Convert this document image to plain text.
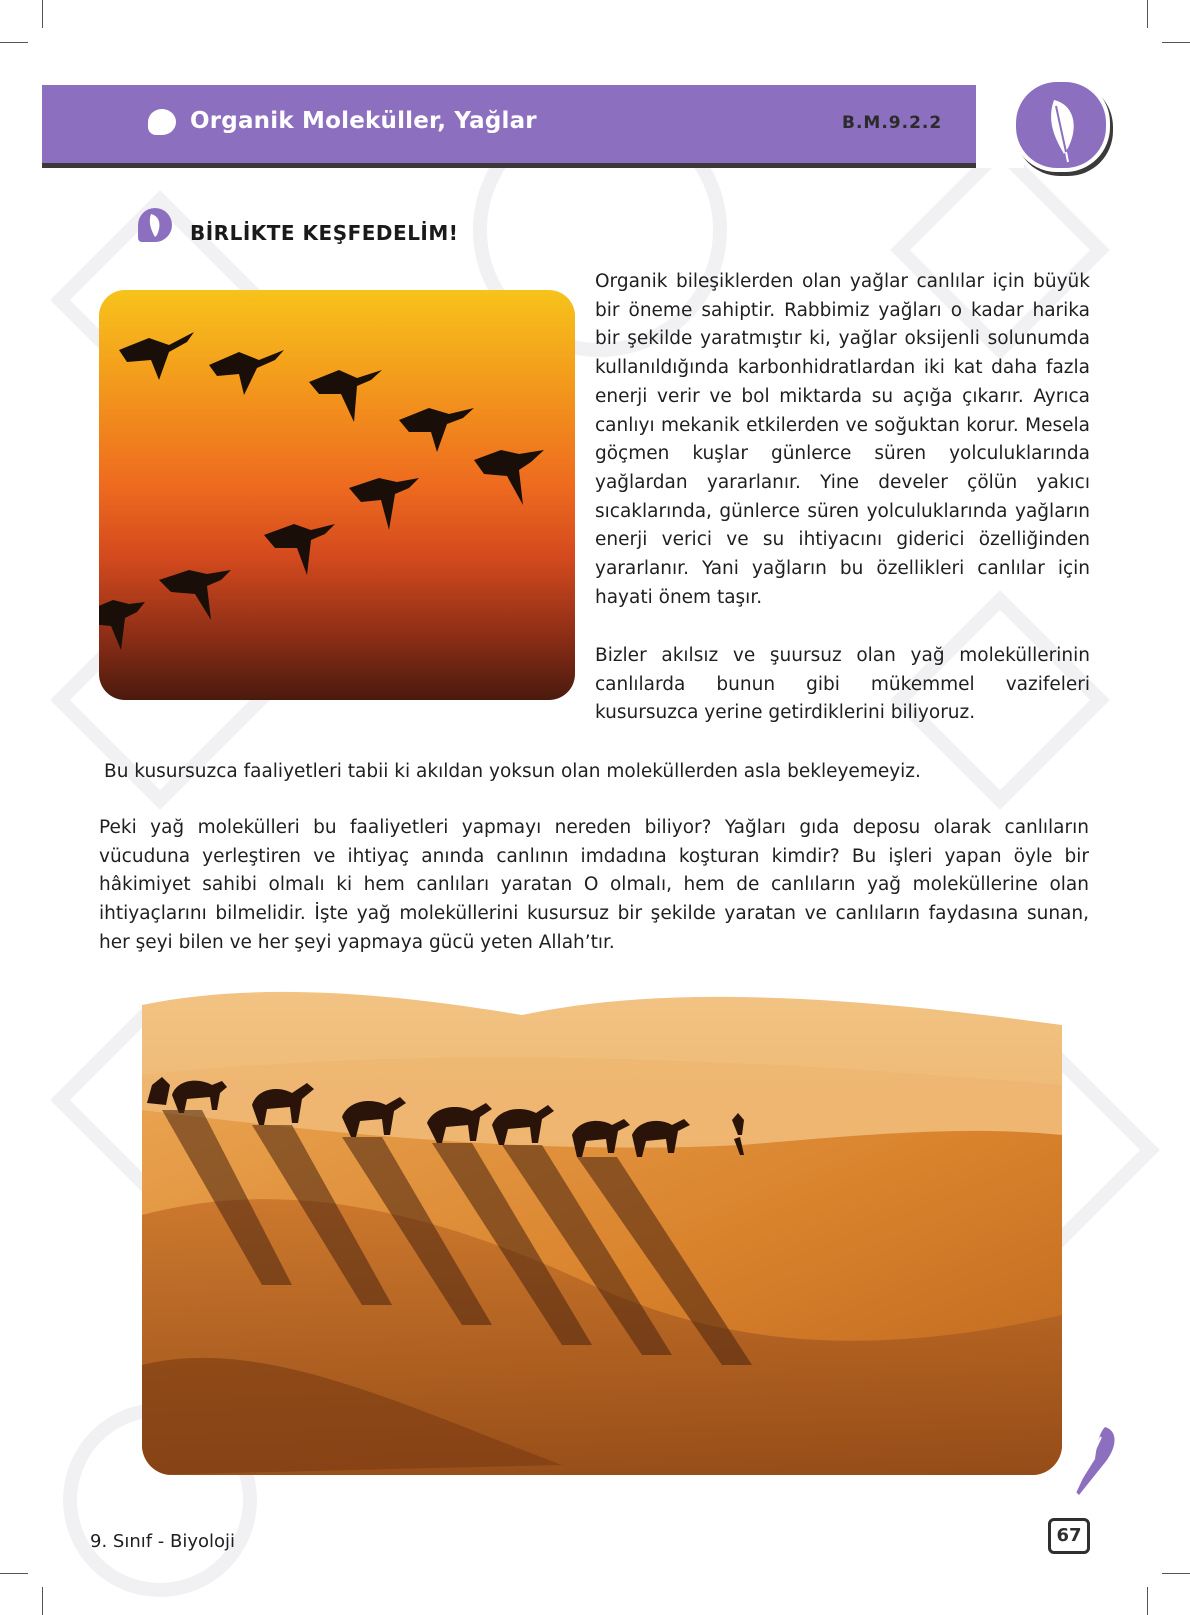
Organik Moleküller, Yağlar	B.M.9.2.2
BİRLİKTE KEŞFEDELİM!

Organik bileşiklerden olan yağlar canlılar için büyük bir öneme sahiptir. Rabbimiz yağları o kadar harika bir şekilde yaratmıştır ki, yağlar oksijenli solunumda kullanıldığında karbonhidratlardan iki kat daha fazla enerji verir ve bol miktarda su açığa çıkarır. Ayrıca canlıyı mekanik etkilerden ve soğuktan korur. Mesela göçmen kuşlar günlerce süren yolculuklarında yağlardan yararlanır. Yine develer çölün yakıcı sıcaklarında, günlerce süren yolculuklarında yağların enerji verici ve su ihtiyacını giderici özelliğinden yararlanır. Yani yağların bu özellikleri canlılar için hayati önem taşır.

Bizler akılsız ve şuursuz olan yağ moleküllerinin canlılarda bunun gibi mükemmel vazifeleri kusursuzca yerine getirdiklerini biliyoruz.

Bu kusursuzca faaliyetleri tabii ki akıldan yoksun olan moleküllerden asla bekleyemeyiz.

Peki yağ molekülleri bu faaliyetleri yapmayı nereden biliyor? Yağları gıda deposu olarak canlıların vücuduna yerleştiren ve ihtiyaç anında canlının imdadına koşturan kimdir? Bu işleri yapan öyle bir hâkimiyet sahibi olmalı ki hem canlıları yaratan O olmalı, hem de canlıların yağ moleküllerine olan ihtiyaçlarını bilmelidir. İşte yağ moleküllerini kusursuz bir şekilde yaratan ve canlıların faydasına sunan, her şeyi bilen ve her şeyi yapmaya gücü yeten Allah’tır.

9. Sınıf - Biyoloji	67
